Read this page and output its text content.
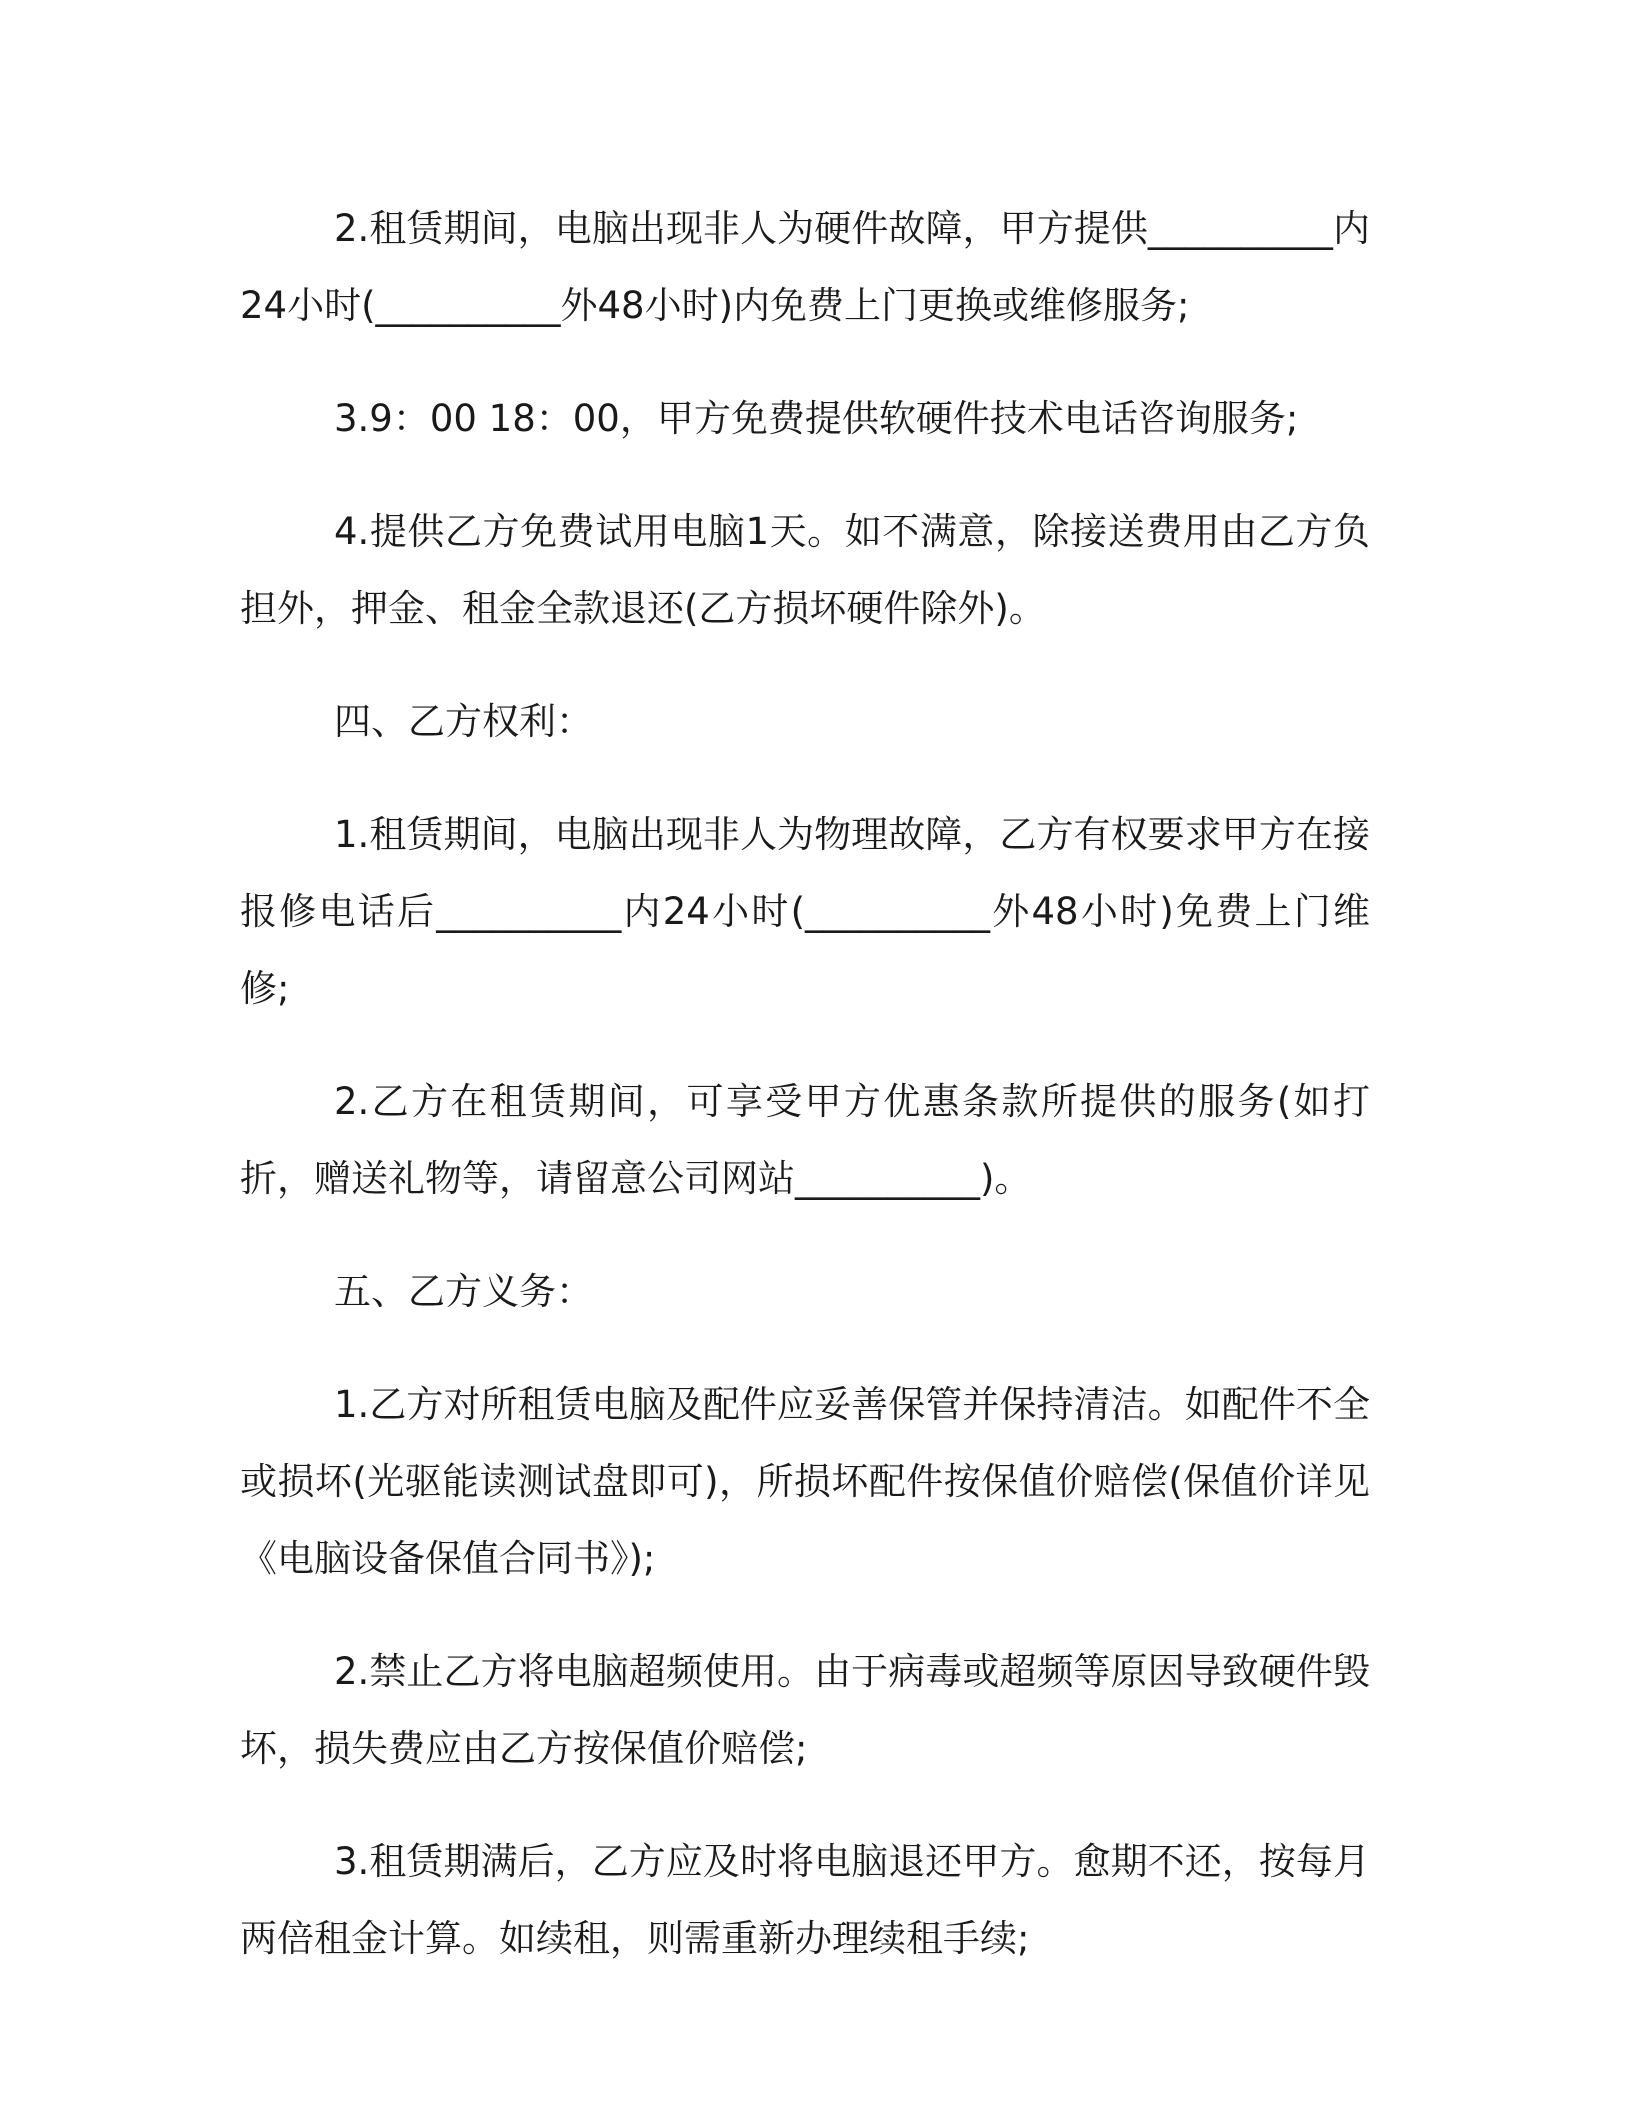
2.租赁期间，电脑出现非人为硬件故障，甲方提供__________内24小时(__________外48小时)内免费上门更换或维修服务;

3.9：00 18：00，甲方免费提供软硬件技术电话咨询服务;

4.提供乙方免费试用电脑1天。如不满意，除接送费用由乙方负担外，押金、租金全款退还(乙方损坏硬件除外)。

四、乙方权利：

1.租赁期间，电脑出现非人为物理故障，乙方有权要求甲方在接报修电话后__________内24小时(__________外48小时)免费上门维修;

2.乙方在租赁期间，可享受甲方优惠条款所提供的服务(如打折，赠送礼物等，请留意公司网站__________)。

五、乙方义务：

1.乙方对所租赁电脑及配件应妥善保管并保持清洁。如配件不全或损坏(光驱能读测试盘即可)，所损坏配件按保值价赔偿(保值价详见《电脑设备保值合同书》);

2.禁止乙方将电脑超频使用。由于病毒或超频等原因导致硬件毁坏，损失费应由乙方按保值价赔偿;

3.租赁期满后，乙方应及时将电脑退还甲方。愈期不还，按每月两倍租金计算。如续租，则需重新办理续租手续;
